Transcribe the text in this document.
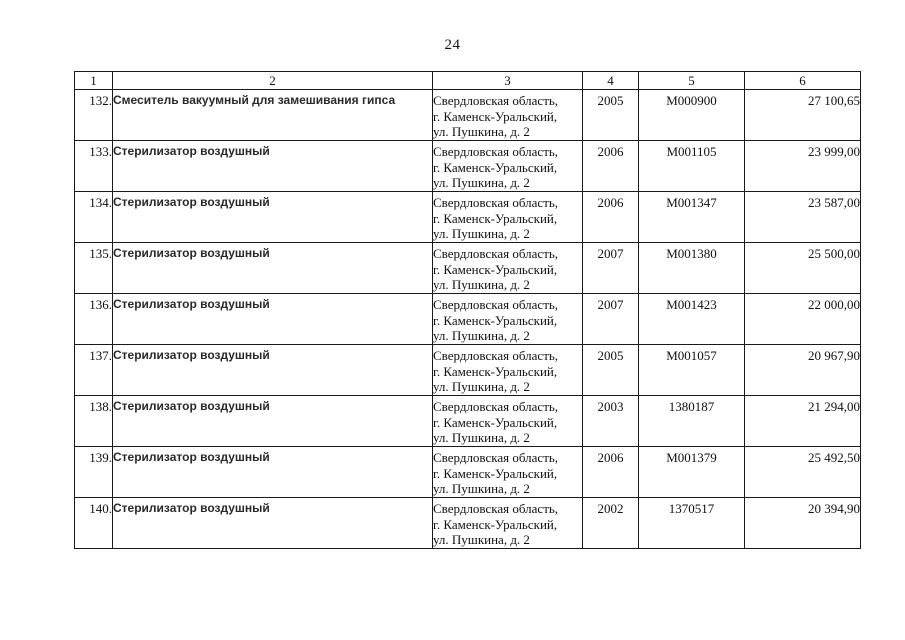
24
1	2	3	4	5	6
132.	Смеситель вакуумный для замешивания гипса	Свердловская область,
г. Каменск-Уральский,
ул. Пушкина, д. 2	2005	М000900	27 100,65
133.	Стерилизатор воздушный	Свердловская область,
г. Каменск-Уральский,
ул. Пушкина, д. 2	2006	М001105	23 999,00
134.	Стерилизатор воздушный	Свердловская область,
г. Каменск-Уральский,
ул. Пушкина, д. 2	2006	М001347	23 587,00
135.	Стерилизатор воздушный	Свердловская область,
г. Каменск-Уральский,
ул. Пушкина, д. 2	2007	М001380	25 500,00
136.	Стерилизатор воздушный	Свердловская область,
г. Каменск-Уральский,
ул. Пушкина, д. 2	2007	М001423	22 000,00
137.	Стерилизатор воздушный	Свердловская область,
г. Каменск-Уральский,
ул. Пушкина, д. 2	2005	М001057	20 967,90
138.	Стерилизатор воздушный	Свердловская область,
г. Каменск-Уральский,
ул. Пушкина, д. 2	2003	1380187	21 294,00
139.	Стерилизатор воздушный	Свердловская область,
г. Каменск-Уральский,
ул. Пушкина, д. 2	2006	М001379	25 492,50
140.	Стерилизатор воздушный	Свердловская область,
г. Каменск-Уральский,
ул. Пушкина, д. 2	2002	1370517	20 394,90
